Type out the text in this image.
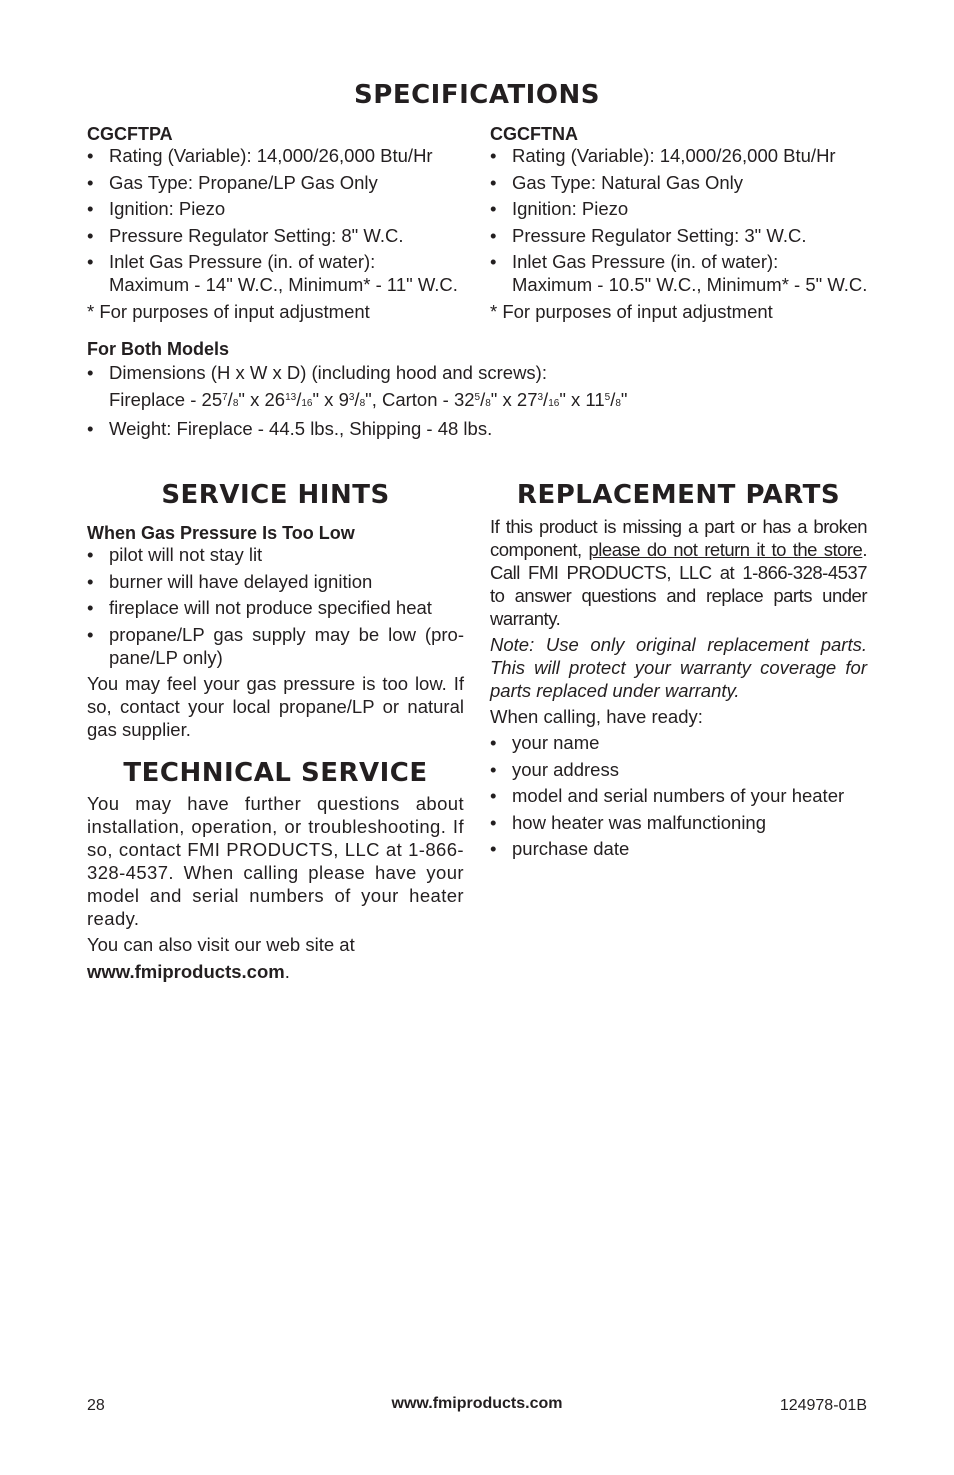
SPECIFICATIONS

CGCFTPA

• Rating (Variable): 14,000/26,000 Btu/Hr
• Gas Type: Propane/LP Gas Only
• Ignition: Piezo
• Pressure Regulator Setting: 8" W.C.
• Inlet Gas Pressure (in. of water):
Maximum - 14" W.C., Minimum* - 11" W.C.

* For purposes of input adjustment

CGCFTNA

• Rating (Variable): 14,000/26,000 Btu/Hr
• Gas Type: Natural Gas Only
• Ignition: Piezo
• Pressure Regulator Setting: 3" W.C.
• Inlet Gas Pressure (in. of water):
Maximum - 10.5" W.C., Minimum* - 5" W.C.

* For purposes of input adjustment

For Both Models

• Dimensions (H x W x D) (including hood and screws):
Fireplace - $25^7/8$" x $26^{13}/16$" x $9^3/8$", Carton - $32^5/8$" x $27^3/16$" x $11^5/8$"
• Weight: Fireplace - 44.5 lbs., Shipping - 48 lbs.
SERVICE HINTS

When Gas Pressure Is Too Low

• pilot will not stay lit
• burner will have delayed ignition
• fireplace will not produce specified heat
• propane/LP gas supply may be low (pro-pane/LP only)

You may feel your gas pressure is too low. If so, contact your local propane/LP or natural gas supplier.

TECHNICAL SERVICE

You may have further questions about installation, operation, or troubleshooting. If so, contact FMI PRODUCTS, LLC at 1-866-328-4537. When calling please have your model and serial numbers of your heater ready.

You can also visit our web site at

www.fmiproducts.com.

REPLACEMENT PARTS

If this product is missing a part or has a broken component, please do not return it to the store. Call FMI PRODUCTS, LLC at 1-866-328-4537 to answer questions and replace parts under warranty.

Note: Use only original replacement parts. This will protect your warranty coverage for parts replaced under warranty.

When calling, have ready:

• your name
• your address
• model and serial numbers of your heater
• how heater was malfunctioning
• purchase date
28	www.fmiproducts.com	124978-01B
